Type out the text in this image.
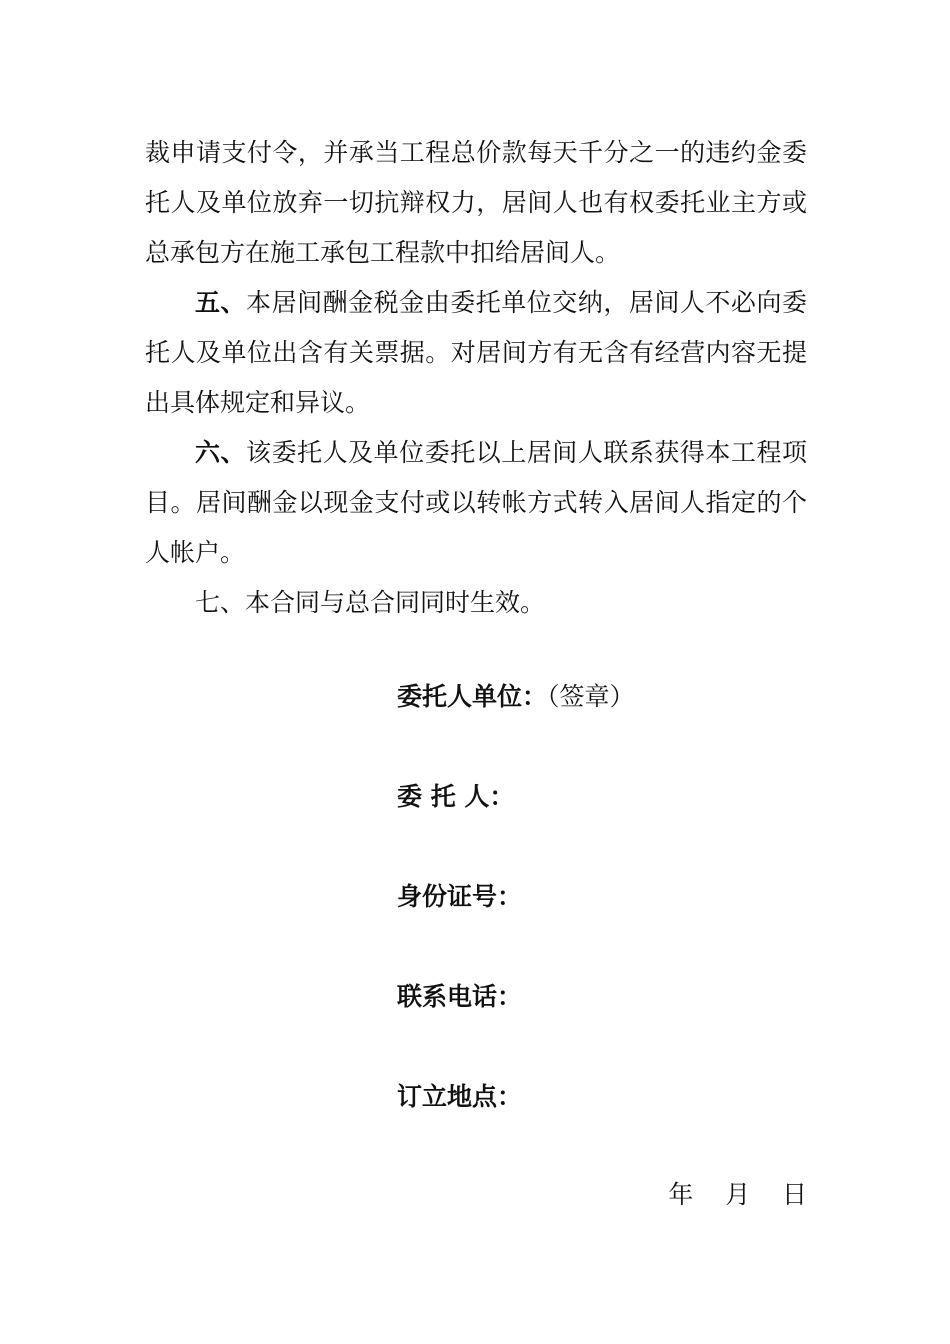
裁申请支付令，并承当工程总价款每天千分之一的违约金委托人及单位放弃一切抗辩权力，居间人也有权委托业主方或总承包方在施工承包工程款中扣给居间人。

五、本居间酬金税金由委托单位交纳，居间人不必向委托人及单位出含有关票据。对居间方有无含有经营内容无提出具体规定和异议。

六、该委托人及单位委托以上居间人联系获得本工程项目。居间酬金以现金支付或以转帐方式转入居间人指定的个人帐户。

七、本合同与总合同同时生效。

委托人单位：（签章）
委 托 人：
身份证号：
联系电话：
订立地点：
年    月    日
